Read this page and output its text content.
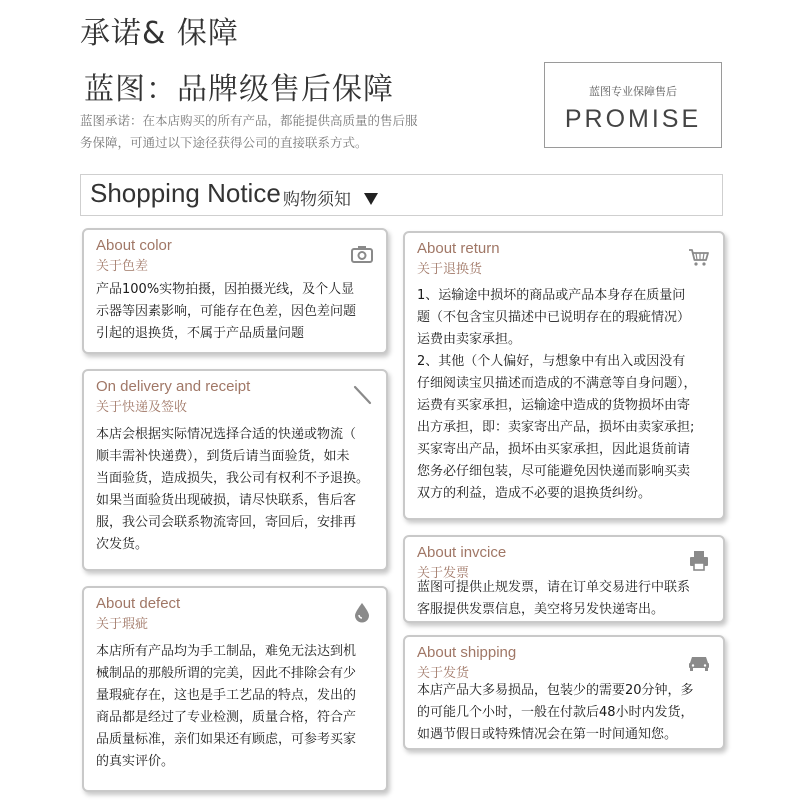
承诺& 保障
蓝图：品牌级售后保障
蓝图承诺：在本店购买的所有产品，都能提供高质量的售后服
务保障，可通过以下途径获得公司的直接联系方式。
蓝图专业保障售后
PROMISE
Shopping Notice 购物须知
About color
关于色差
产品100%实物拍摄，因拍摄光线，及个人显
示器等因素影响，可能存在色差，因色差问题
引起的退换货，不属于产品质量问题
On delivery and receipt
关于快递及签收
本店会根据实际情况选择合适的快递或物流（
顺丰需补快递费），到货后请当面验货，如未
当面验货，造成损失，我公司有权利不予退换。
如果当面验货出现破损，请尽快联系，售后客
服，我公司会联系物流寄回，寄回后，安排再
次发货。
About defect
关于瑕疵
本店所有产品均为手工制品，难免无法达到机
械制品的那般所谓的完美，因此不排除会有少
量瑕疵存在，这也是手工艺品的特点，发出的
商品都是经过了专业检测，质量合格，符合产
品质量标准，亲们如果还有顾虑，可参考买家
的真实评价。
About return
关于退换货
1、运输途中损坏的商品或产品本身存在质量问
题（不包含宝贝描述中已说明存在的瑕疵情况）
运费由卖家承担。
2、其他（个人偏好，与想象中有出入或因没有
仔细阅读宝贝描述而造成的不满意等自身问题），
运费有买家承担，运输途中造成的货物损坏由寄
出方承担，即：卖家寄出产品，损坏由卖家承担;
买家寄出产品，损坏由买家承担，因此退货前请
您务必仔细包装，尽可能避免因快递而影响买卖
双方的利益，造成不必要的退换货纠纷。
About invcice
关于发票
蓝图可提供止规发票，请在订单交易进行中联系
客服提供发票信息，美空将另发快递寄出。
About shipping
关于发货
本店产品大多易损品，包装少的需要20分钟，多
的可能几个小时，一般在付款后48小时内发货，
如遇节假日或特殊情况会在第一时间通知您。
